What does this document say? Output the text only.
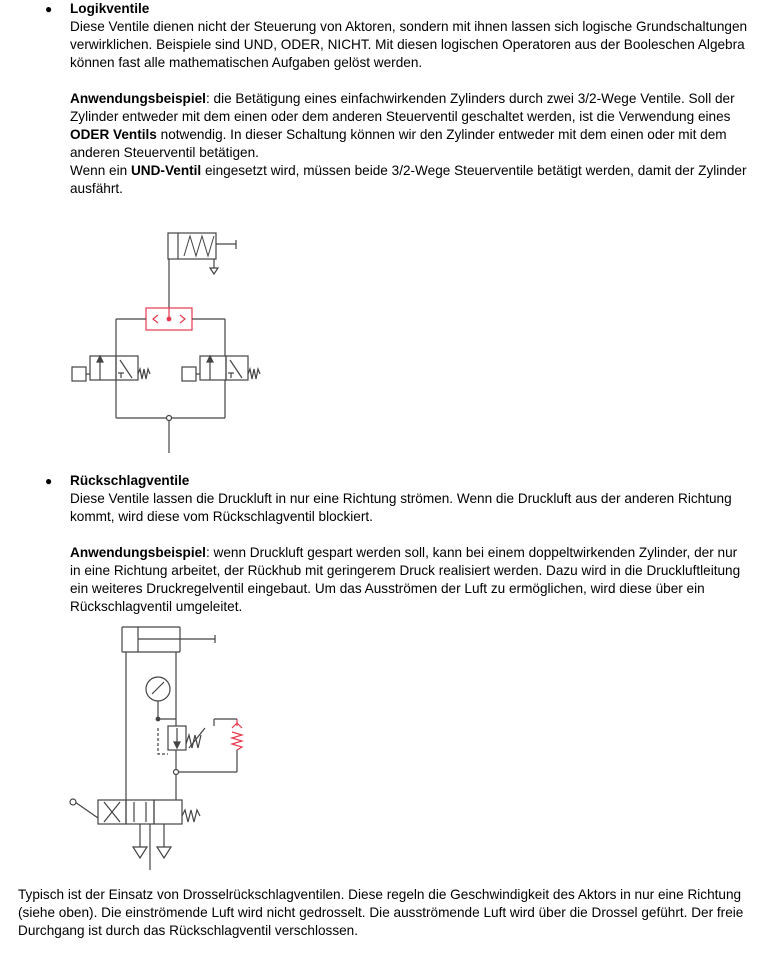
● Logikventile

Diese Ventile dienen nicht der Steuerung von Aktoren, sondern mit ihnen lassen sich logische Grundschaltungen verwirklichen. Beispiele sind UND, ODER, NICHT. Mit diesen logischen Operatoren aus der Booleschen Algebra können fast alle mathematischen Aufgaben gelöst werden.

Anwendungsbeispiel: die Betätigung eines einfachwirkenden Zylinders durch zwei 3/2-Wege Ventile. Soll der Zylinder entweder mit dem einen oder dem anderen Steuerventil geschaltet werden, ist die Verwendung eines ODER Ventils notwendig. In dieser Schaltung können wir den Zylinder entweder mit dem einen oder mit dem anderen Steuerventil betätigen.

Wenn ein UND-Ventil eingesetzt wird, müssen beide 3/2-Wege Steuerventile betätigt werden, damit der Zylinder ausfährt.

● Rückschlagventile

Diese Ventile lassen die Druckluft in nur eine Richtung strömen. Wenn die Druckluft aus der anderen Richtung kommt, wird diese vom Rückschlagventil blockiert.

Anwendungsbeispiel: wenn Druckluft gespart werden soll, kann bei einem doppeltwirkenden Zylinder, der nur in eine Richtung arbeitet, der Rückhub mit geringerem Druck realisiert werden. Dazu wird in die Druckluftleitung ein weiteres Druckregelventil eingebaut. Um das Ausströmen der Luft zu ermöglichen, wird diese über ein Rückschlagventil umgeleitet.

Typisch ist der Einsatz von Drosselrückschlagventilen. Diese regeln die Geschwindigkeit des Aktors in nur eine Richtung (siehe oben). Die einströmende Luft wird nicht gedrosselt. Die ausströmende Luft wird über die Drossel geführt. Der freie Durchgang ist durch das Rückschlagventil verschlossen.
